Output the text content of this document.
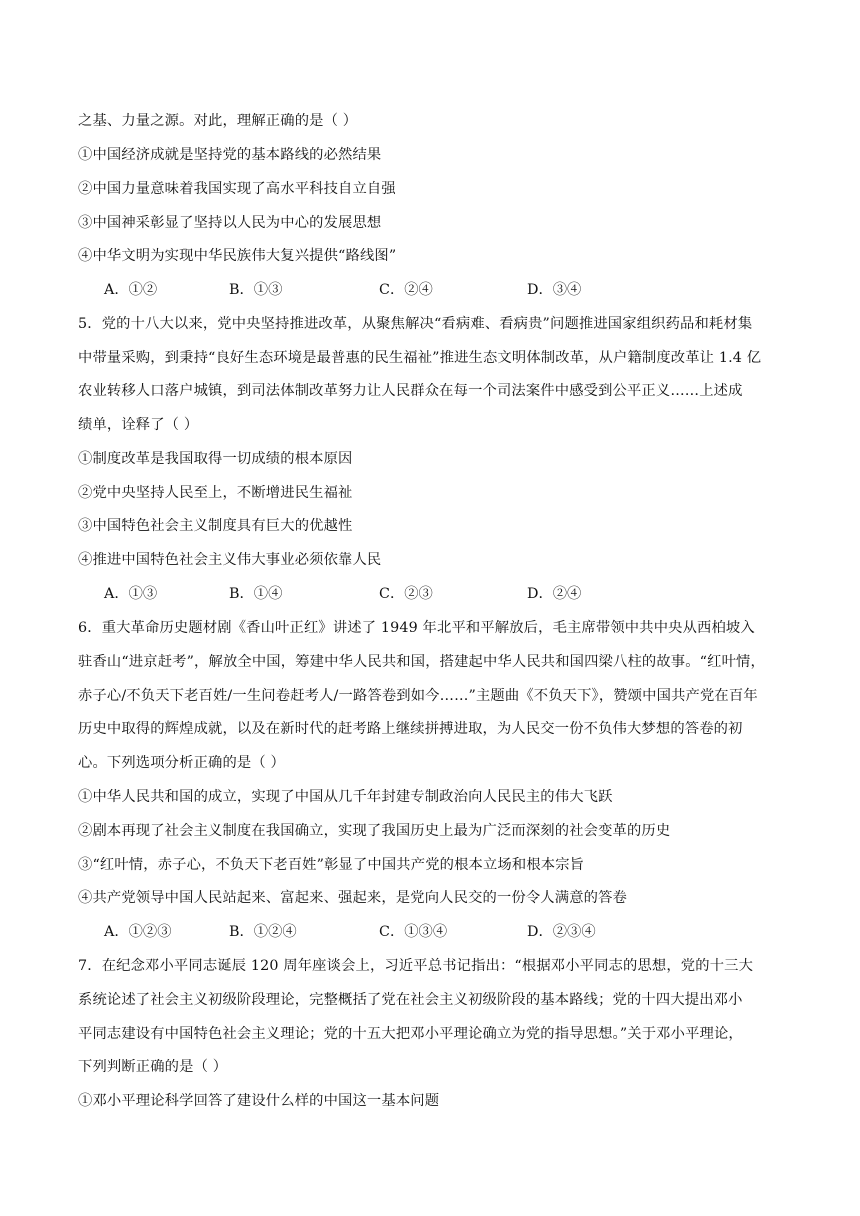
之基、力量之源。对此，理解正确的是（ ）
①中国经济成就是坚持党的基本路线的必然结果
②中国力量意味着我国实现了高水平科技自立自强
③中国神采彰显了坚持以人民为中心的发展思想
④中华文明为实现中华民族伟大复兴提供“路线图”
A．①②	B．①③	C．②④	D．③④
5．党的十八大以来，党中央坚持推进改革，从聚焦解决“看病难、看病贵”问题推进国家组织药品和耗材集
中带量采购，到秉持“良好生态环境是最普惠的民生福祉”推进生态文明体制改革，从户籍制度改革让 1.4 亿
农业转移人口落户城镇，到司法体制改革努力让人民群众在每一个司法案件中感受到公平正义……上述成
绩单，诠释了（ ）
①制度改革是我国取得一切成绩的根本原因
②党中央坚持人民至上，不断增进民生福祉
③中国特色社会主义制度具有巨大的优越性
④推进中国特色社会主义伟大事业必须依靠人民
A．①③	B．①④	C．②③	D．②④
6．重大革命历史题材剧《香山叶正红》讲述了 1949 年北平和平解放后，毛主席带领中共中央从西柏坡入
驻香山“进京赶考”，解放全中国，筹建中华人民共和国，搭建起中华人民共和国四梁八柱的故事。“红叶情，
赤子心/不负天下老百姓/一生问卷赶考人/一路答卷到如今……”主题曲《不负天下》，赞颂中国共产党在百年
历史中取得的辉煌成就，以及在新时代的赶考路上继续拼搏进取，为人民交一份不负伟大梦想的答卷的初
心。下列选项分析正确的是（ ）
①中华人民共和国的成立，实现了中国从几千年封建专制政治向人民民主的伟大飞跃
②剧本再现了社会主义制度在我国确立，实现了我国历史上最为广泛而深刻的社会变革的历史
③“红叶情，赤子心，不负天下老百姓”彰显了中国共产党的根本立场和根本宗旨
④共产党领导中国人民站起来、富起来、强起来，是党向人民交的一份令人满意的答卷
A．①②③	B．①②④	C．①③④	D．②③④
7．在纪念邓小平同志诞辰 120 周年座谈会上，习近平总书记指出：“根据邓小平同志的思想，党的十三大
系统论述了社会主义初级阶段理论，完整概括了党在社会主义初级阶段的基本路线；党的十四大提出邓小
平同志建设有中国特色社会主义理论；党的十五大把邓小平理论确立为党的指导思想。”关于邓小平理论，
下列判断正确的是（ ）
①邓小平理论科学回答了建设什么样的中国这一基本问题
